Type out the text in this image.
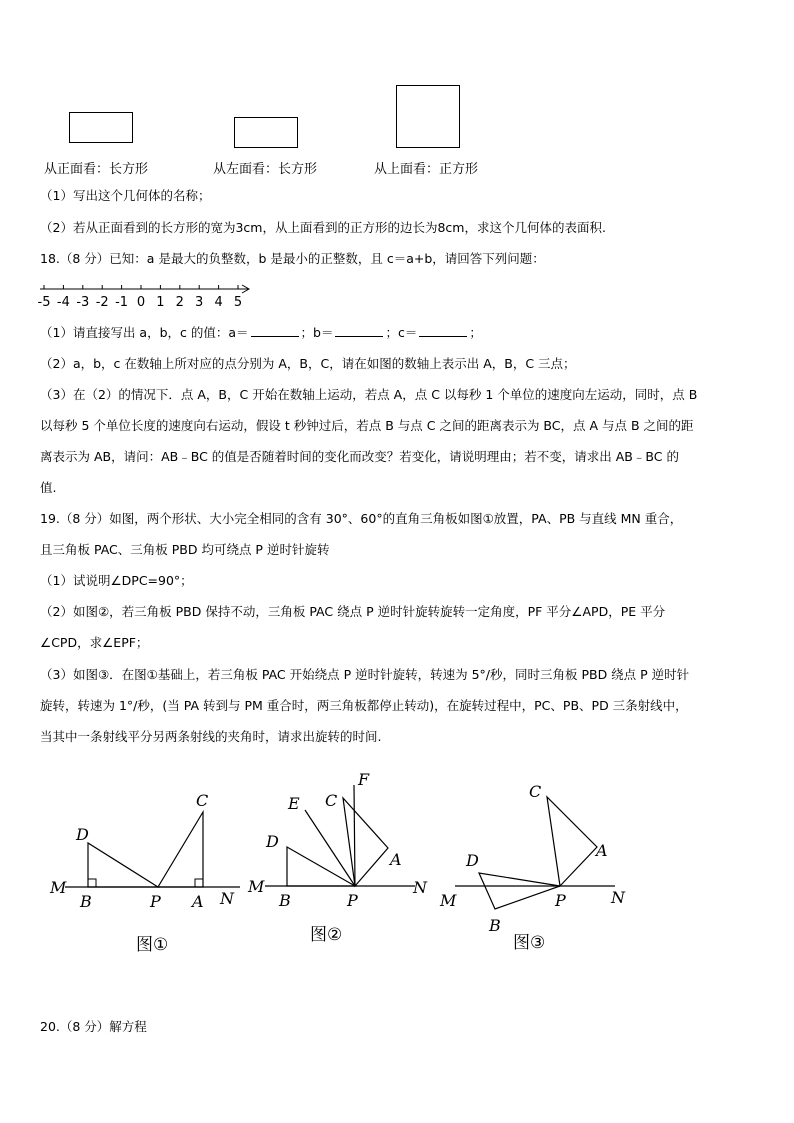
从正面看：长方形	从左面看：长方形	从上面看：正方形
（1）写出这个几何体的名称；
（2）若从正面看到的长方形的宽为3cm，从上面看到的正方形的边长为8cm，求这个几何体的表面积.
18.（8 分）已知：a 是最大的负整数，b 是最小的正整数，且 c＝a+b，请回答下列问题：
-5 -4 -3 -2 -1 0 1 2 3 4 5
（1）请直接写出 a，b，c 的值：a＝	；b＝	；c＝	；
（2）a，b，c 在数轴上所对应的点分别为 A，B，C，请在如图的数轴上表示出 A，B，C 三点；
（3）在（2）的情况下．点 A，B，C 开始在数轴上运动，若点 A，点 C 以每秒 1 个单位的速度向左运动，同时，点 B
以每秒 5 个单位长度的速度向右运动，假设 t 秒钟过后，若点 B 与点 C 之间的距离表示为 BC，点 A 与点 B 之间的距
离表示为 AB，请问：AB﹣BC 的值是否随着时间的变化而改变？若变化，请说明理由；若不变，请求出 AB﹣BC 的
值.
19.（8 分）如图，两个形状、大小完全相同的含有 30°、60°的直角三角板如图①放置，PA、PB 与直线 MN 重合，
且三角板 PAC、三角板 PBD 均可绕点 P 逆时针旋转
（1）试说明∠DPC=90°；
（2）如图②，若三角板 PBD 保持不动，三角板 PAC 绕点 P 逆时针旋转旋转一定角度，PF 平分∠APD，PE 平分
∠CPD，求∠EPF；
（3）如图③．在图①基础上，若三角板 PAC 开始绕点 P 逆时针旋转，转速为 5°/秒，同时三角板 PBD 绕点 P 逆时针
旋转，转速为 1°/秒，(当 PA 转到与 PM 重合时，两三角板都停止转动)，在旋转过程中，PC、PB、PD 三条射线中，
当其中一条射线平分另两条射线的夹角时，请求出旋转的时间.
M
B	P A N
D
C
图①
M
B	P
N
D
E C
F
A
图②
M
B
P	N
D
C
A
图③
20.（8 分）解方程
